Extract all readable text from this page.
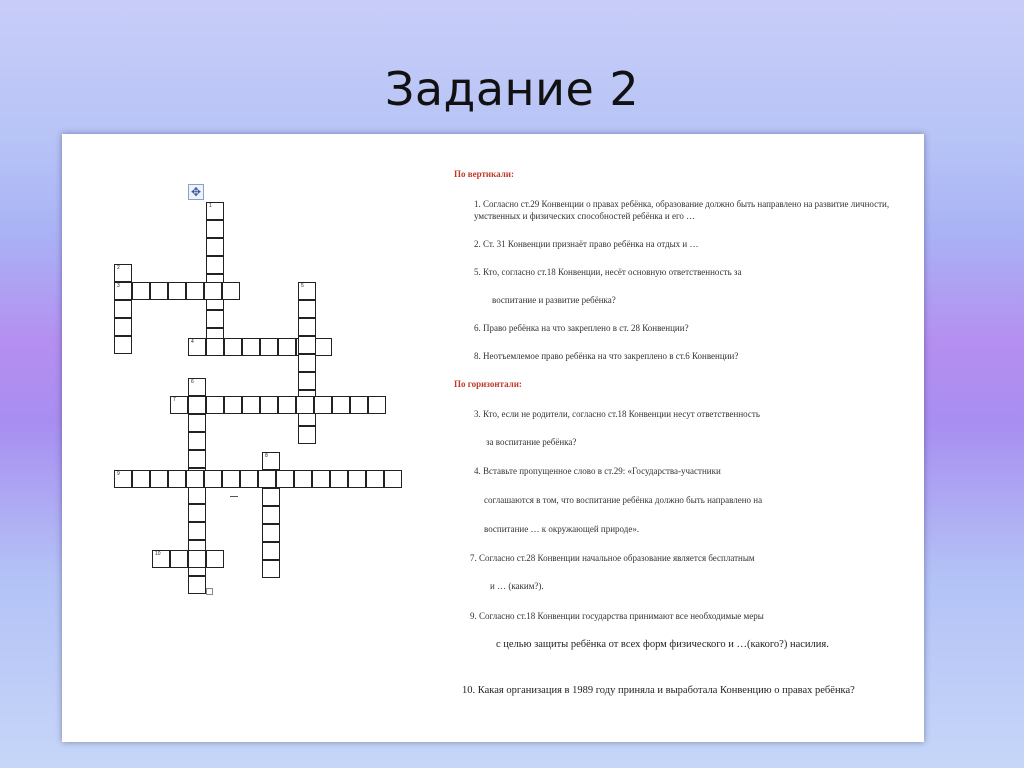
Задание 2
✥
1
2
3
4
5
6
7
8
9
10
По вертикали:
1. Согласно ст.29 Конвенции о правах ребёнка, образование должно быть направлено на развитие личности, умственных и физических способностей ребёнка и его …
2. Ст. 31 Конвенции признаёт право ребёнка на отдых и …
5. Кто, согласно ст.18 Конвенции, несёт основную ответственность за
воспитание и развитие ребёнка?
6. Право ребёнка на что закреплено в ст. 28 Конвенции?
8. Неотъемлемое право ребёнка на что закреплено в ст.6 Конвенции?
По горизонтали:
3. Кто, если не родители, согласно ст.18 Конвенции несут ответственность
за воспитание ребёнка?
4. Вставьте пропущенное слово в ст.29: «Государства-участники
соглашаются в том, что воспитание ребёнка должно быть направлено на
воспитание … к окружающей природе».
7. Согласно ст.28 Конвенции начальное образование является бесплатным
и … (каким?).
9. Согласно ст.18 Конвенции государства принимают все необходимые меры
с целью защиты ребёнка от всех форм физического и …(какого?) насилия.
10. Какая организация в 1989 году приняла и выработала Конвенцию о правах ребёнка?
